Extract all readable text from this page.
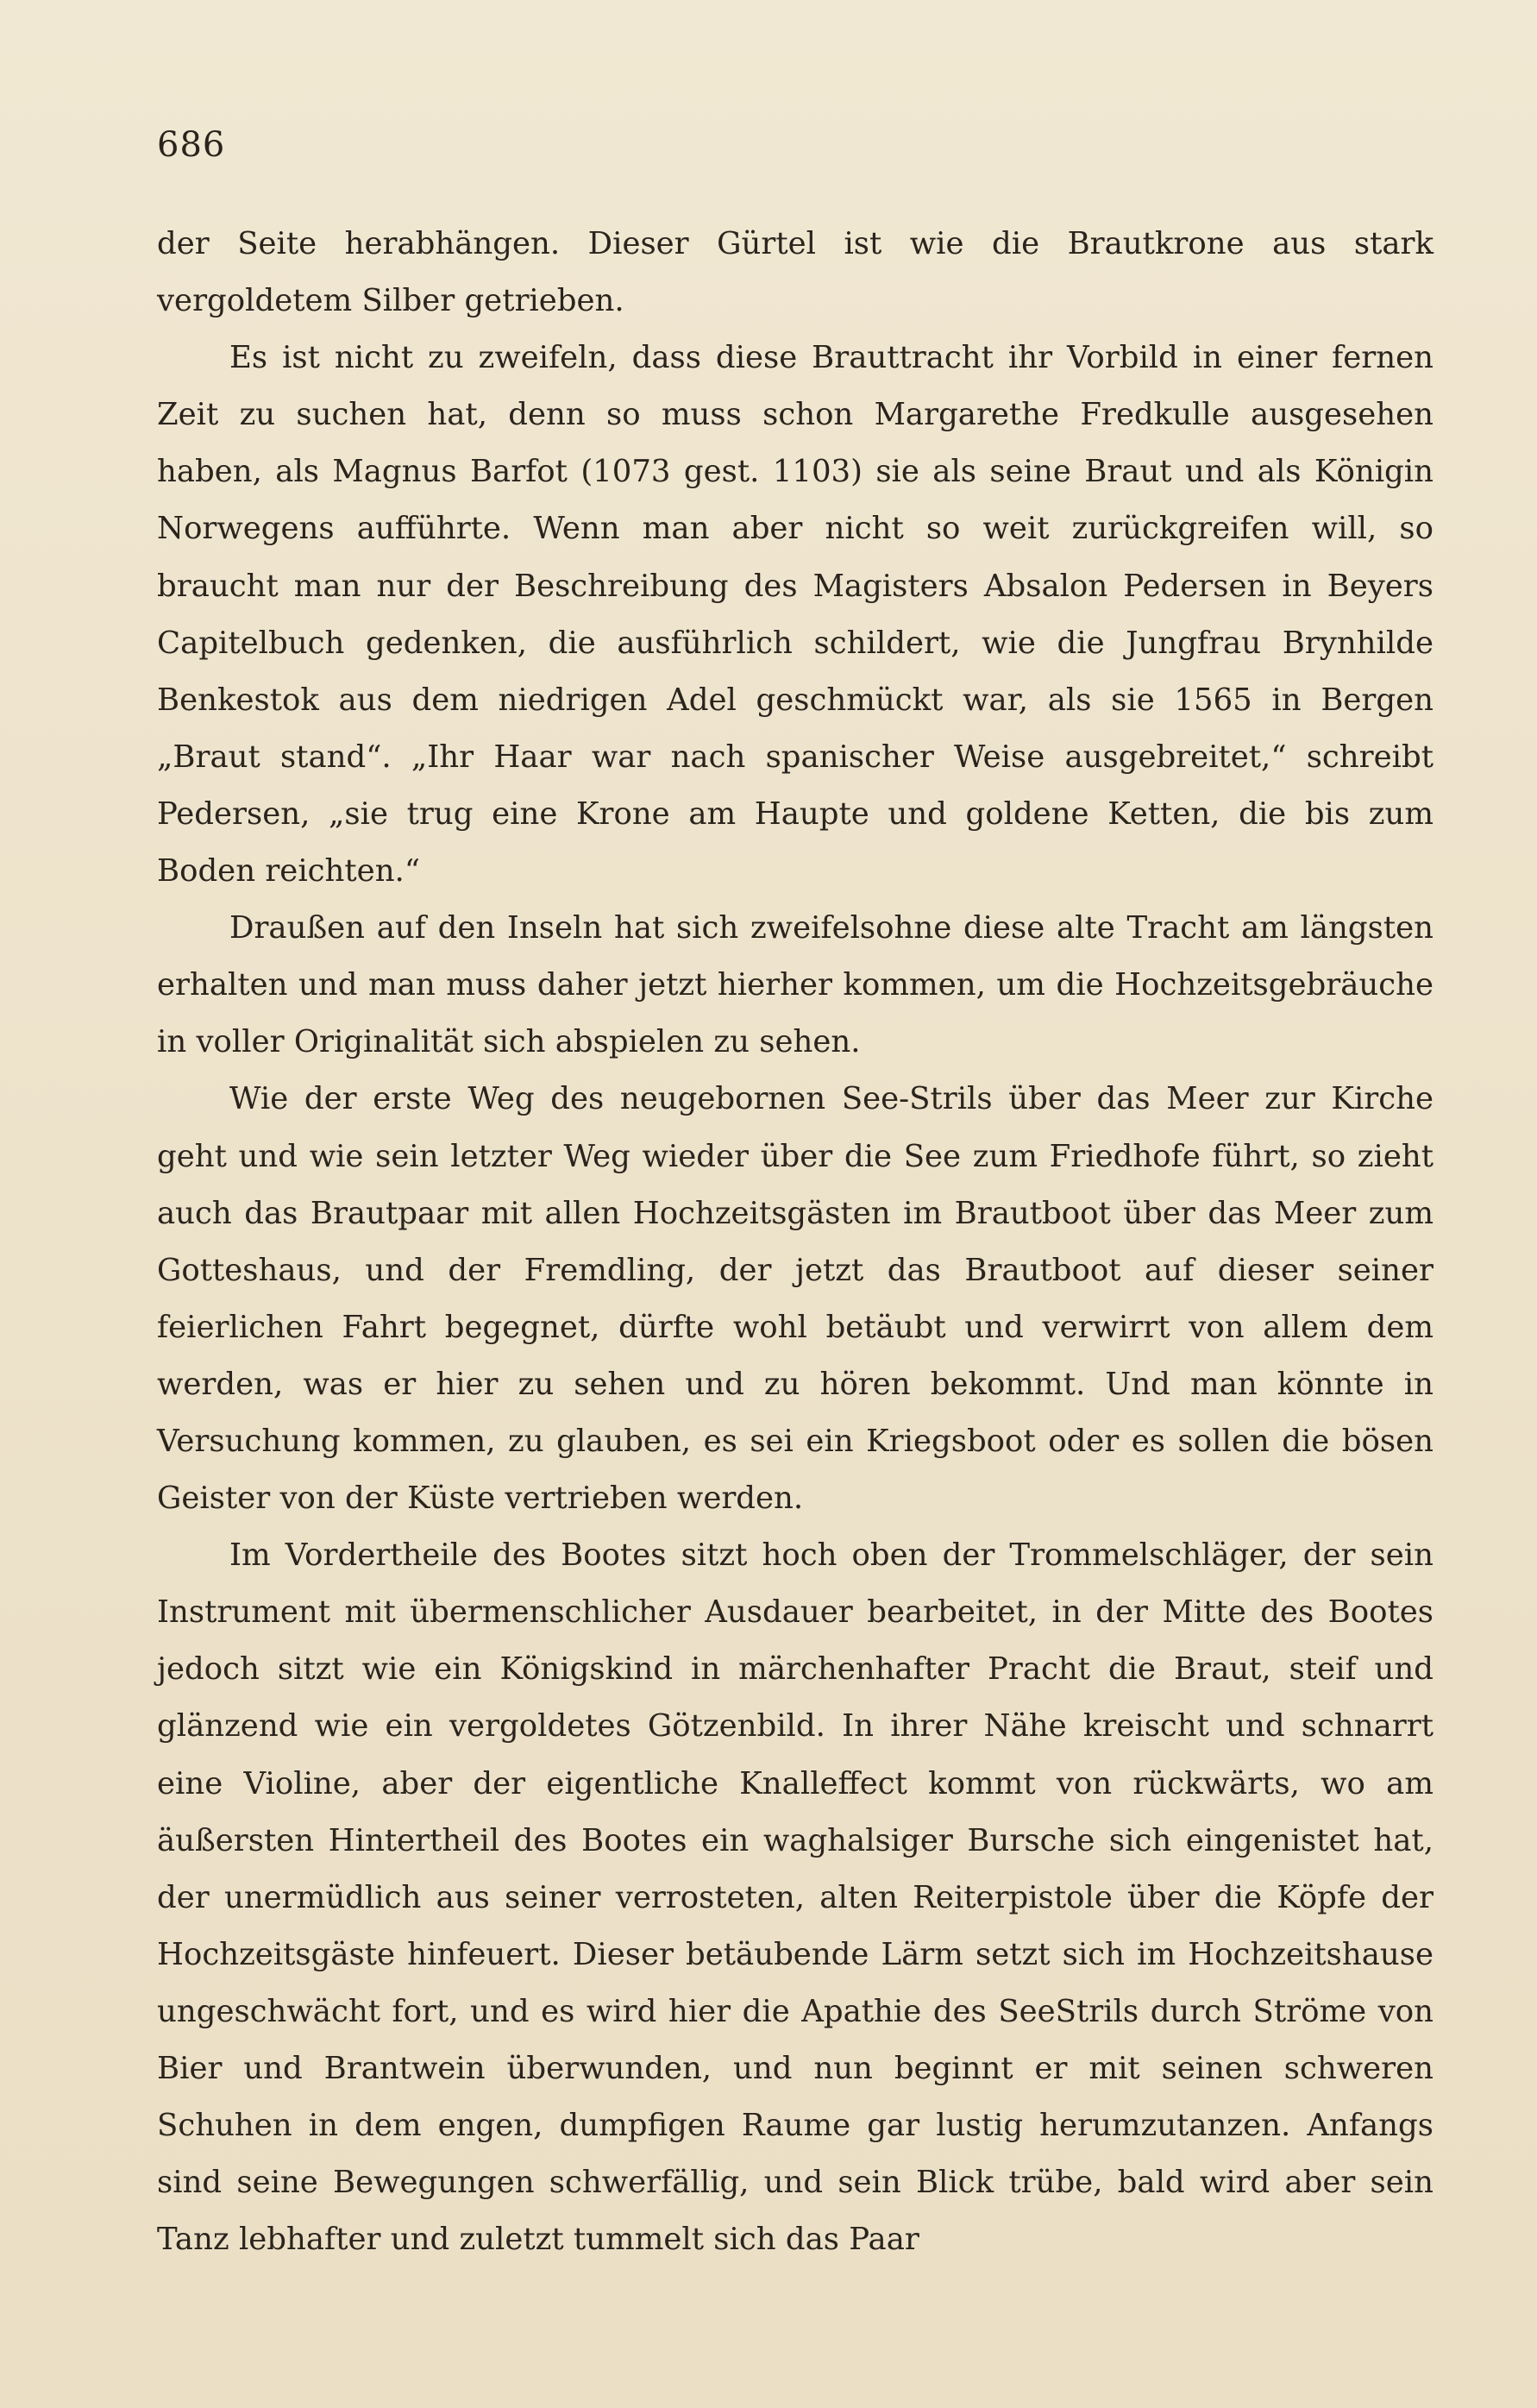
686

der Seite herabhängen. Dieser Gürtel ist wie die Brautkrone aus stark vergoldetem Silber getrieben.

Es ist nicht zu zweifeln, dass diese Brauttracht ihr Vorbild in einer fernen Zeit zu suchen hat, denn so muss schon Margarethe Fredkulle ausgesehen haben, als Magnus Barfot (1073 gest. 1103) sie als seine Braut und als Königin Norwegens aufführte. Wenn man aber nicht so weit zurückgreifen will, so braucht man nur der Beschreibung des Magisters Absalon Pedersen in Beyers Capitelbuch gedenken, die ausführlich schildert, wie die Jungfrau Brynhilde Benkestok aus dem niedrigen Adel geschmückt war, als sie 1565 in Bergen „Braut stand“. „Ihr Haar war nach spanischer Weise ausgebreitet,“ schreibt Pedersen, „sie trug eine Krone am Haupte und goldene Ketten, die bis zum Boden reichten.“

Draußen auf den Inseln hat sich zweifelsohne diese alte Tracht am längsten erhalten und man muss daher jetzt hierher kommen, um die Hochzeitsgebräuche in voller Originalität sich abspielen zu sehen.

Wie der erste Weg des neugebornen See-Strils über das Meer zur Kirche geht und wie sein letzter Weg wieder über die See zum Friedhofe führt, so zieht auch das Brautpaar mit allen Hochzeitsgästen im Brautboot über das Meer zum Gotteshaus, und der Fremdling, der jetzt das Brautboot auf dieser seiner feierlichen Fahrt begegnet, dürfte wohl betäubt und verwirrt von allem dem werden, was er hier zu sehen und zu hören bekommt. Und man könnte in Versuchung kommen, zu glauben, es sei ein Kriegsboot oder es sollen die bösen Geister von der Küste vertrieben werden.

Im Vordertheile des Bootes sitzt hoch oben der Trommelschläger, der sein Instrument mit übermenschlicher Ausdauer bearbeitet, in der Mitte des Bootes jedoch sitzt wie ein Königskind in märchenhafter Pracht die Braut, steif und glänzend wie ein vergoldetes Götzenbild. In ihrer Nähe kreischt und schnarrt eine Violine, aber der eigentliche Knalleffect kommt von rückwärts, wo am äußersten Hintertheil des Bootes ein waghalsiger Bursche sich eingenistet hat, der unermüdlich aus seiner verrosteten, alten Reiterpistole über die Köpfe der Hochzeitsgäste hinfeuert. Dieser betäubende Lärm setzt sich im Hochzeitshause ungeschwächt fort, und es wird hier die Apathie des SeeStrils durch Ströme von Bier und Brantwein überwunden, und nun beginnt er mit seinen schweren Schuhen in dem engen, dumpfigen Raume gar lustig herumzutanzen. Anfangs sind seine Bewegungen schwerfällig, und sein Blick trübe, bald wird aber sein Tanz lebhafter und zuletzt tummelt sich das Paar
